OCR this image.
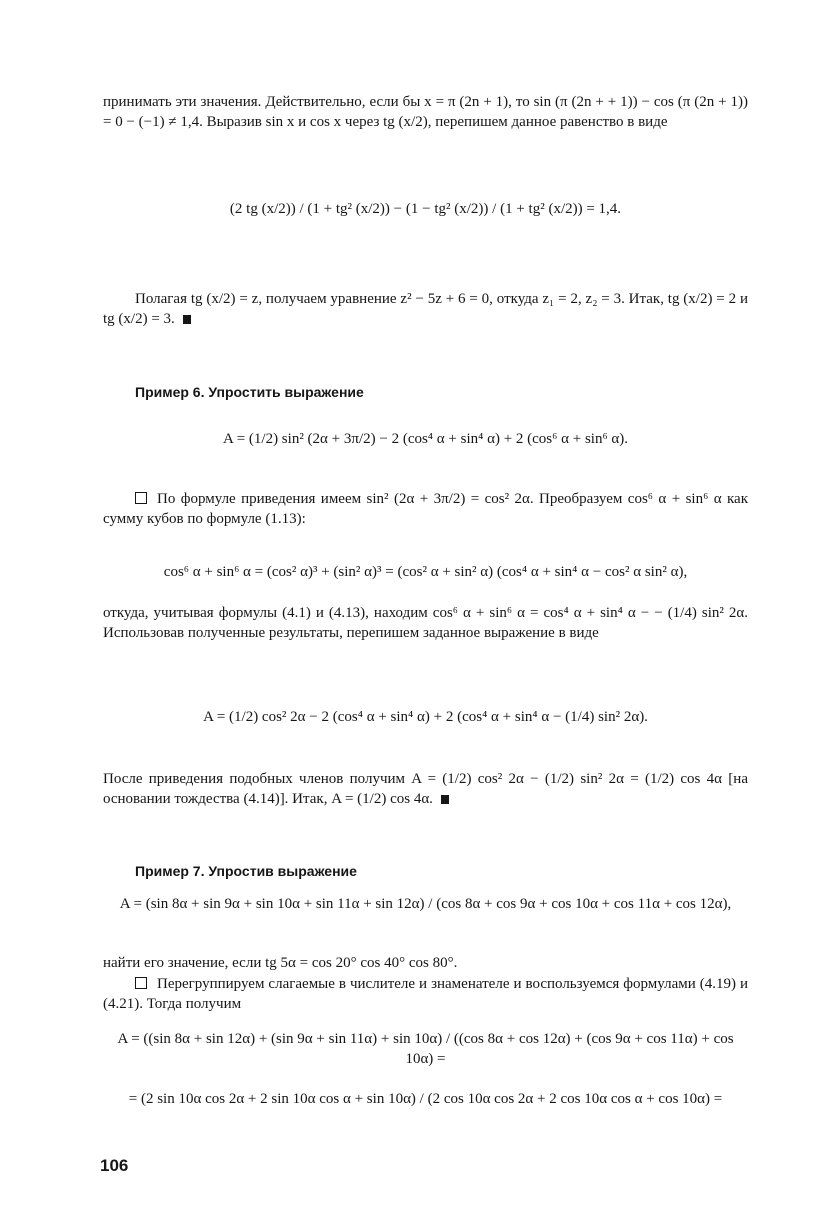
принимать эти значения. Действительно, если бы x = π (2n + 1), то sin (π (2n + + 1)) − cos (π (2n + 1)) = 0 − (−1) ≠ 1,4. Выразив sin x и cos x через tg (x/2), перепишем данное равенство в виде
(2 tg (x/2)) / (1 + tg² (x/2)) − (1 − tg² (x/2)) / (1 + tg² (x/2)) = 1,4.
Полагая tg (x/2) = z, получаем уравнение z² − 5z + 6 = 0, откуда z₁ = 2, z₂ = 3. Итак, tg (x/2) = 2 и tg (x/2) = 3.
Пример 6. Упростить выражение
A = (1/2) sin² (2α + 3π/2) − 2 (cos⁴ α + sin⁴ α) + 2 (cos⁶ α + sin⁶ α).
По формуле приведения имеем sin² (2α + 3π/2) = cos² 2α. Преобразуем cos⁶ α + sin⁶ α как сумму кубов по формуле (1.13):
cos⁶ α + sin⁶ α = (cos² α)³ + (sin² α)³ = (cos² α + sin² α) (cos⁴ α + sin⁴ α − cos² α sin² α),
откуда, учитывая формулы (4.1) и (4.13), находим cos⁶ α + sin⁶ α = cos⁴ α + sin⁴ α − − (1/4) sin² 2α. Использовав полученные результаты, перепишем заданное выражение в виде
A = (1/2) cos² 2α − 2 (cos⁴ α + sin⁴ α) + 2 (cos⁴ α + sin⁴ α − (1/4) sin² 2α).
После приведения подобных членов получим A = (1/2) cos² 2α − (1/2) sin² 2α = (1/2) cos 4α [на основании тождества (4.14)]. Итак, A = (1/2) cos 4α.
Пример 7. Упростив выражение
A = (sin 8α + sin 9α + sin 10α + sin 11α + sin 12α) / (cos 8α + cos 9α + cos 10α + cos 11α + cos 12α),
найти его значение, если tg 5α = cos 20° cos 40° cos 80°.
Перегруппируем слагаемые в числителе и знаменателе и воспользуемся формулами (4.19) и (4.21). Тогда получим
A = ((sin 8α + sin 12α) + (sin 9α + sin 11α) + sin 10α) / ((cos 8α + cos 12α) + (cos 9α + cos 11α) + cos 10α) =
= (2 sin 10α cos 2α + 2 sin 10α cos α + sin 10α) / (2 cos 10α cos 2α + 2 cos 10α cos α + cos 10α) =
106
